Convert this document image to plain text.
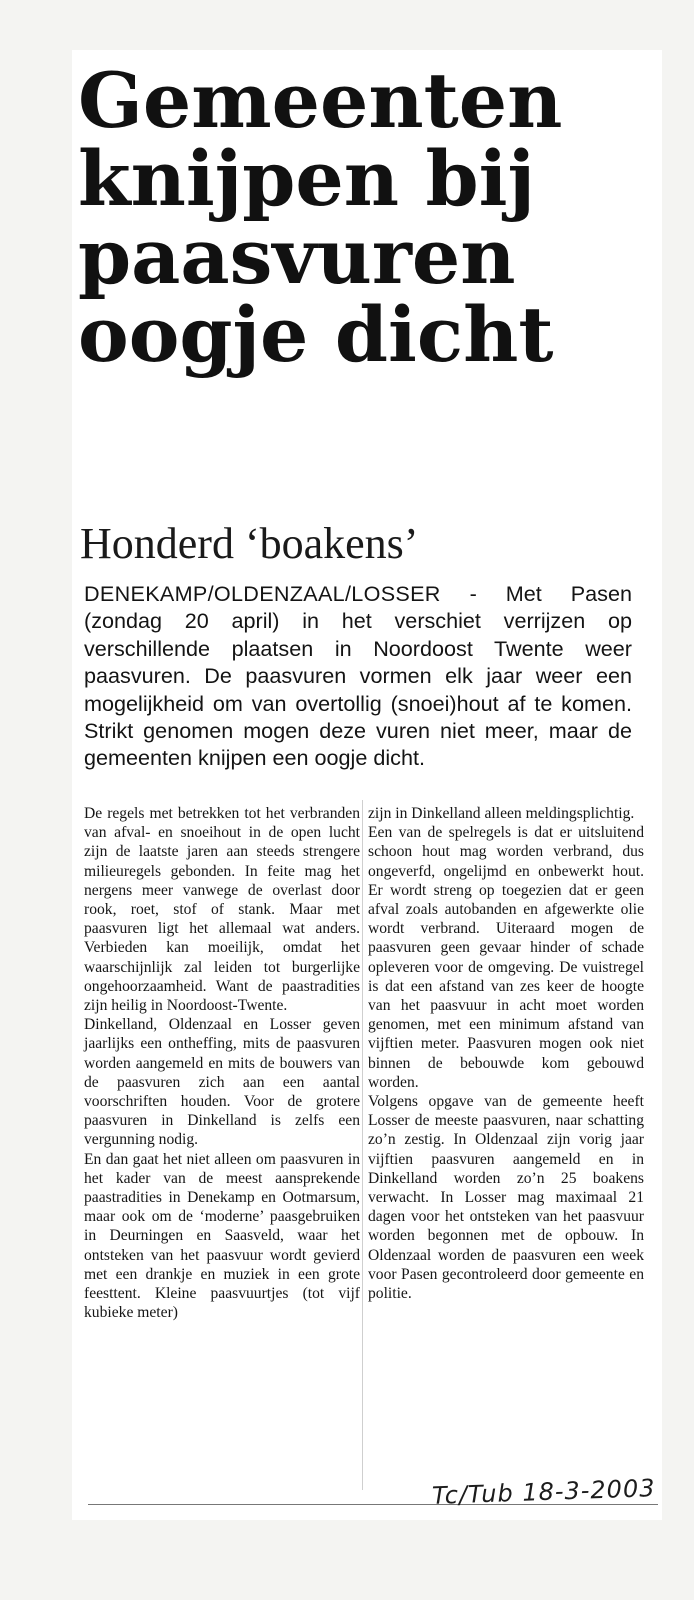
Gemeenten
knijpen bij
paasvuren
oogje dicht
Honderd ‘boakens’

DENEKAMP/OLDENZAAL/LOSSER - Met Pasen (zondag 20 april) in het verschiet verrijzen op verschillende plaatsen in Noordoost Twente weer paasvuren. De paasvuren vormen elk jaar weer een mogelijkheid om van overtollig (snoei)hout af te komen. Strikt genomen mogen deze vuren niet meer, maar de gemeenten knijpen een oogje dicht.

De regels met betrekken tot het verbranden van afval- en snoeihout in de open lucht zijn de laatste jaren aan steeds strengere milieuregels gebonden. In feite mag het nergens meer vanwege de overlast door rook, roet, stof of stank. Maar met paasvuren ligt het allemaal wat anders. Verbieden kan moeilijk, omdat het waarschijnlijk zal leiden tot burgerlijke ongehoorzaamheid. Want de paastradities zijn heilig in Noordoost-Twente.

Dinkelland, Oldenzaal en Losser geven jaarlijks een ontheffing, mits de paasvuren worden aangemeld en mits de bouwers van de paasvuren zich aan een aantal voorschriften houden. Voor de grotere paasvuren in Dinkelland is zelfs een vergunning nodig.

En dan gaat het niet alleen om paasvuren in het kader van de meest aansprekende paastradities in Denekamp en Ootmarsum, maar ook om de ‘moderne’ paasgebruiken in Deurningen en Saasveld, waar het ontsteken van het paasvuur wordt gevierd met een drankje en muziek in een grote feesttent. Kleine paasvuurtjes (tot vijf kubieke meter)

zijn in Dinkelland alleen meldingsplichtig.

Een van de spelregels is dat er uitsluitend schoon hout mag worden verbrand, dus ongeverfd, ongelijmd en onbewerkt hout. Er wordt streng op toegezien dat er geen afval zoals autobanden en afgewerkte olie wordt verbrand. Uiteraard mogen de paasvuren geen gevaar hinder of schade opleveren voor de omgeving. De vuistregel is dat een afstand van zes keer de hoogte van het paasvuur in acht moet worden genomen, met een minimum afstand van vijftien meter. Paasvuren mogen ook niet binnen de bebouwde kom gebouwd worden.

Volgens opgave van de gemeente heeft Losser de meeste paasvuren, naar schatting zo’n zestig. In Oldenzaal zijn vorig jaar vijftien paasvuren aangemeld en in Dinkelland worden zo’n 25 boakens verwacht. In Losser mag maximaal 21 dagen voor het ontsteken van het paasvuur worden begonnen met de opbouw. In Oldenzaal worden de paasvuren een week voor Pasen gecontroleerd door gemeente en politie.

Tc/Tub 18-3-2003
